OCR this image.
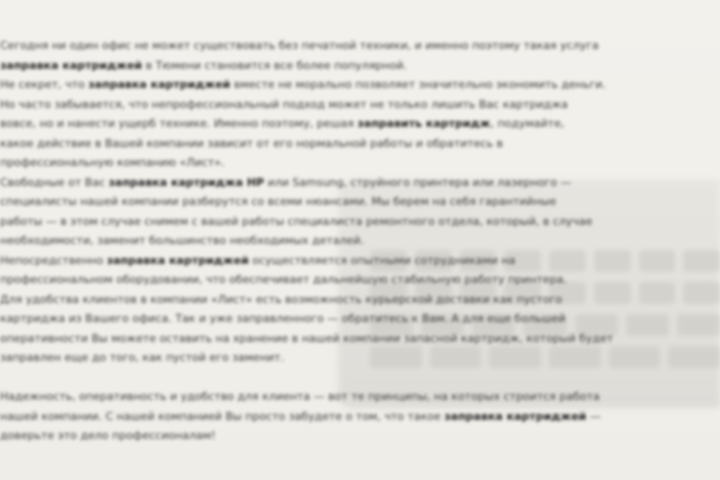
Сегодня ни один офис не может существовать без печатной техники, и именно поэтому такая услуга
заправка картриджей в Тюмени становится все более популярной.
Не секрет, что заправка картриджей вместе не морально позволяет значительно экономить деньги.
Но часто забывается, что непрофессиональный подход может не только лишить Вас картриджа
вовсе, но и нанести ущерб технике. Именно поэтому, решая заправить картридж, подумайте,
какое действие в Вашей компании зависит от его нормальной работы и обратитесь в
профессиональную компанию «Лист».
Свободные от Вас заправка картриджа HP или Samsung, струйного принтера или лазерного —
специалисты нашей компании разберутся со всеми нюансами. Мы берем на себя гарантийные
работы — в этом случае снимем с вашей работы специалиста ремонтного отдела, который, в случае
необходимости, заменит большинство необходимых деталей.
Непосредственно заправка картриджей осуществляется опытными сотрудниками на
профессиональном оборудовании, что обеспечивает дальнейшую стабильную работу принтера.
Для удобства клиентов в компании «Лист» есть возможность курьерской доставки как пустого
картриджа из Вашего офиса. Так и уже заправленного — обратитесь к Вам. А для еще большей
оперативности Вы можете оставить на хранение в нашей компании запасной картридж, который будет
заправлен еще до того, как пустой его заменит.
Надежность, оперативность и удобство для клиента — вот те принципы, на которых строится работа
нашей компании. С нашей компанией Вы просто забудете о том, что такое заправка картриджей —
доверьте это дело профессионалам!
